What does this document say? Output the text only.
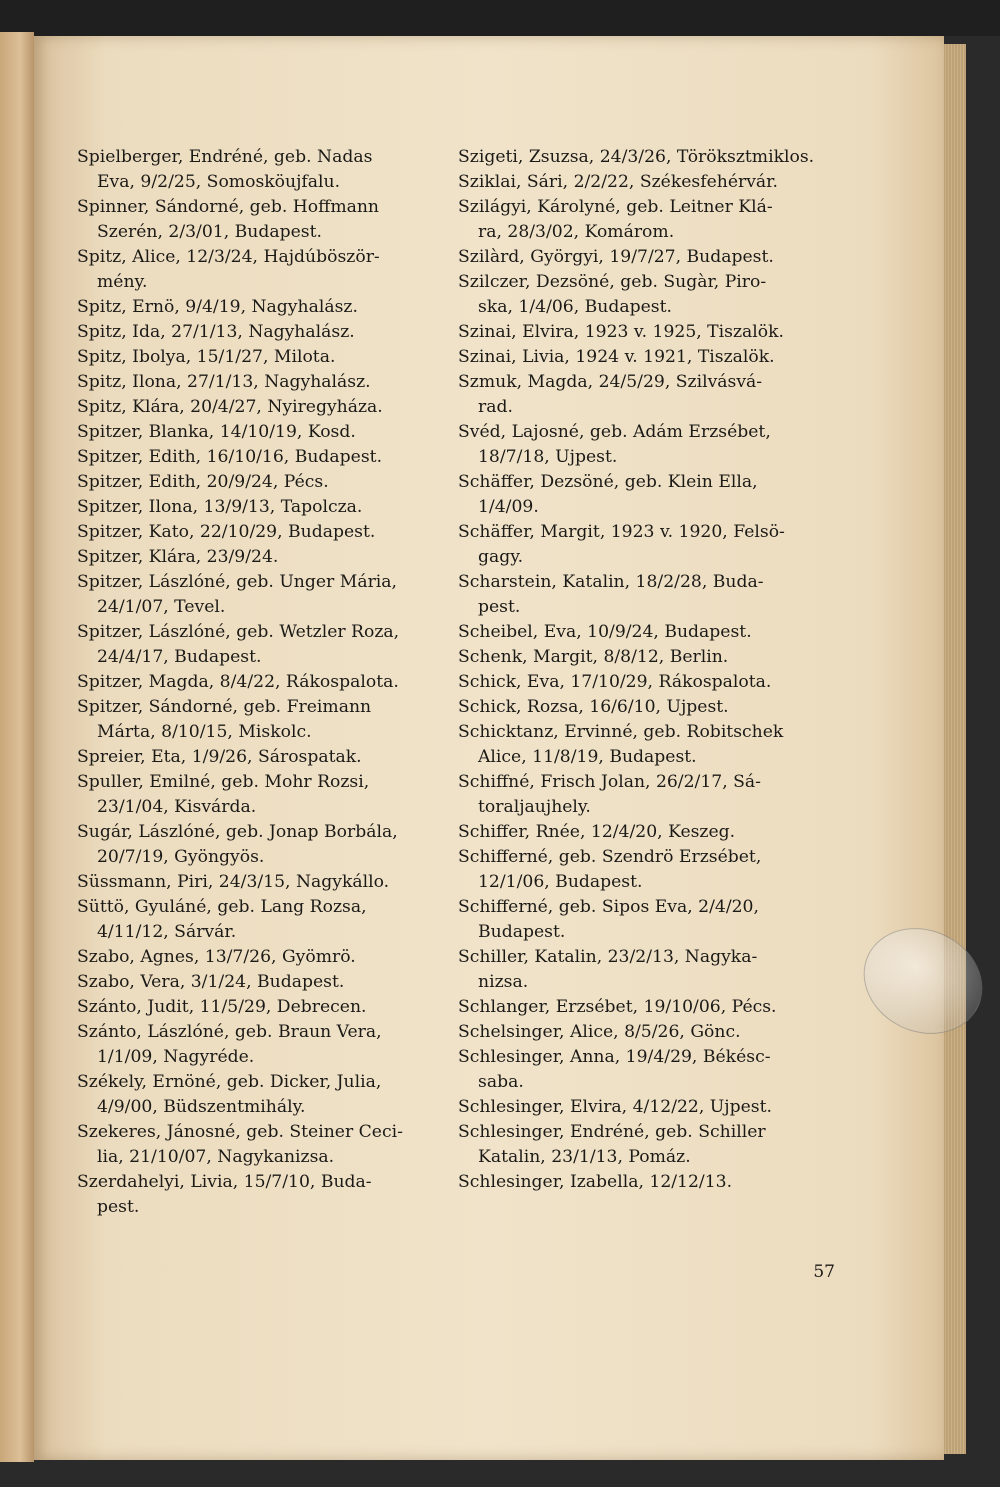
Spielberger, Endréné, geb. Nadas
Eva, 9/2/25, Somosköujfalu.
Spinner, Sándorné, geb. Hoffmann
Szerén, 2/3/01, Budapest.
Spitz, Alice, 12/3/24, Hajdúböször-
mény.
Spitz, Ernö, 9/4/19, Nagyhalász.
Spitz, Ida, 27/1/13, Nagyhalász.
Spitz, Ibolya, 15/1/27, Milota.
Spitz, Ilona, 27/1/13, Nagyhalász.
Spitz, Klára, 20/4/27, Nyiregyháza.
Spitzer, Blanka, 14/10/19, Kosd.
Spitzer, Edith, 16/10/16, Budapest.
Spitzer, Edith, 20/9/24, Pécs.
Spitzer, Ilona, 13/9/13, Tapolcza.
Spitzer, Kato, 22/10/29, Budapest.
Spitzer, Klára, 23/9/24.
Spitzer, Lászlóné, geb. Unger Mária,
24/1/07, Tevel.
Spitzer, Lászlóné, geb. Wetzler Roza,
24/4/17, Budapest.
Spitzer, Magda, 8/4/22, Rákospalota.
Spitzer, Sándorné, geb. Freimann
Márta, 8/10/15, Miskolc.
Spreier, Eta, 1/9/26, Sárospatak.
Spuller, Emilné, geb. Mohr Rozsi,
23/1/04, Kisvárda.
Sugár, Lászlóné, geb. Jonap Borbála,
20/7/19, Gyöngyös.
Süssmann, Piri, 24/3/15, Nagykállo.
Süttö, Gyuláné, geb. Lang Rozsa,
4/11/12, Sárvár.
Szabo, Agnes, 13/7/26, Gyömrö.
Szabo, Vera, 3/1/24, Budapest.
Szánto, Judit, 11/5/29, Debrecen.
Szánto, Lászlóné, geb. Braun Vera,
1/1/09, Nagyréde.
Székely, Ernöné, geb. Dicker, Julia,
4/9/00, Büdszentmihály.
Szekeres, Jánosné, geb. Steiner Ceci-
lia, 21/10/07, Nagykanizsa.
Szerdahelyi, Livia, 15/7/10, Buda-
pest.
Szigeti, Zsuzsa, 24/3/26, Töröksztmiklos.
Sziklai, Sári, 2/2/22, Székesfehérvár.
Szilágyi, Károlyné, geb. Leitner Klá-
ra, 28/3/02, Komárom.
Szilàrd, Györgyi, 19/7/27, Budapest.
Szilczer, Dezsöné, geb. Sugàr, Piro-
ska, 1/4/06, Budapest.
Szinai, Elvira, 1923 v. 1925, Tiszalök.
Szinai, Livia, 1924 v. 1921, Tiszalök.
Szmuk, Magda, 24/5/29, Szilvásvá-
rad.
Svéd, Lajosné, geb. Adám Erzsébet,
18/7/18, Ujpest.
Schäffer, Dezsöné, geb. Klein Ella,
1/4/09.
Schäffer, Margit, 1923 v. 1920, Felsö-
gagy.
Scharstein, Katalin, 18/2/28, Buda-
pest.
Scheibel, Eva, 10/9/24, Budapest.
Schenk, Margit, 8/8/12, Berlin.
Schick, Eva, 17/10/29, Rákospalota.
Schick, Rozsa, 16/6/10, Ujpest.
Schicktanz, Ervinné, geb. Robitschek
Alice, 11/8/19, Budapest.
Schiffné, Frisch Jolan, 26/2/17, Sá-
toraljaujhely.
Schiffer, Rnée, 12/4/20, Keszeg.
Schifferné, geb. Szendrö Erzsébet,
12/1/06, Budapest.
Schifferné, geb. Sipos Eva, 2/4/20,
Budapest.
Schiller, Katalin, 23/2/13, Nagyka-
nizsa.
Schlanger, Erzsébet, 19/10/06, Pécs.
Schelsinger, Alice, 8/5/26, Gönc.
Schlesinger, Anna, 19/4/29, Békésc-
saba.
Schlesinger, Elvira, 4/12/22, Ujpest.
Schlesinger, Endréné, geb. Schiller
Katalin, 23/1/13, Pomáz.
Schlesinger, Izabella, 12/12/13.
57
